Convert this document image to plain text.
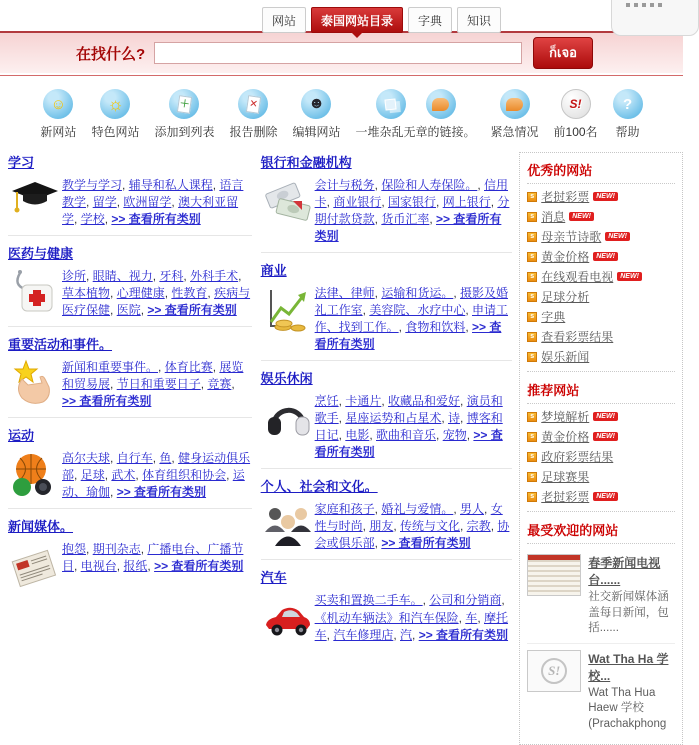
网站	泰国网站目录	字典	知识
在找什么?	ก็เจอ
☺
新网站
☼
特色网站
＋
添加到列表
✕
报告删除
☻
编辑网站 一堆杂乱无章的链接。 紧急情况
S!
前100名
?
帮助
学习

教学与学习, 辅导和私人课程, 语言教学, 留学, 欧洲留学, 澳大利亚留学, 学校, >> 查看所有类别

医药与健康

诊所, 眼睛、视力, 牙科, 外科手术, 草本植物, 心理健康, 性教育, 疾病与医疗保健, 医院, >> 查看所有类别

重要活动和事件。

新闻和重要事件。, 体育比赛, 展览和贸易展, 节日和重要日子, 竞赛, >> 查看所有类别

运动

高尔夫球, 自行车, 鱼, 健身运动俱乐部, 足球, 武术, 体育组织和协会, 运动、瑜伽, >> 查看所有类别

新闻媒体。

抱怨, 期刊杂志, 广播电台、广播节目, 电视台, 报纸, >> 查看所有类别

银行和金融机构

会计与税务, 保险和人寿保险。, 信用卡, 商业银行, 国家银行, 网上银行, 分期付款贷款, 货币汇率, >> 查看所有类别

商业

法律、律师, 运输和货运。, 摄影及婚礼工作室, 美容院、水疗中心, 申请工作、找到工作。, 食物和饮料, >> 查看所有类别

娱乐休闲

烹饪, 卡通片, 收藏品和爱好, 演员和歌手, 星座运势和占星术, 诗, 博客和日记, 电影, 歌曲和音乐, 宠物, >> 查看所有类别

个人、社会和文化。

家庭和孩子, 婚礼与爱情。, 男人, 女性与时尚, 朋友, 传统与文化, 宗教, 协会或俱乐部, >> 查看所有类别

汽车

买卖和置换二手车。, 公司和分销商, 《机动车辆法》和汽车保险, 车, 摩托车, 汽车修理店, 汽, >> 查看所有类别

优秀的网站
s 老挝彩票	NEW!
s 消息	NEW!
s 母亲节诗歌	NEW!
s 黄金价格	NEW!
s 在线观看电视	NEW!
s 足球分析
s 字典
s 查看彩票结果
s 娱乐新闻
推荐网站
s 梦境解析	NEW!
s 黄金价格	NEW!
s 政府彩票结果
s 足球赛果
s 老挝彩票	NEW!
最受欢迎的网站
春季新闻电视台......
社交新闻媒体涵盖每日新闻，包括......
S!
Wat Tha Ha 学校...
Wat Tha Hua Haew 学校 (Prachakphong
